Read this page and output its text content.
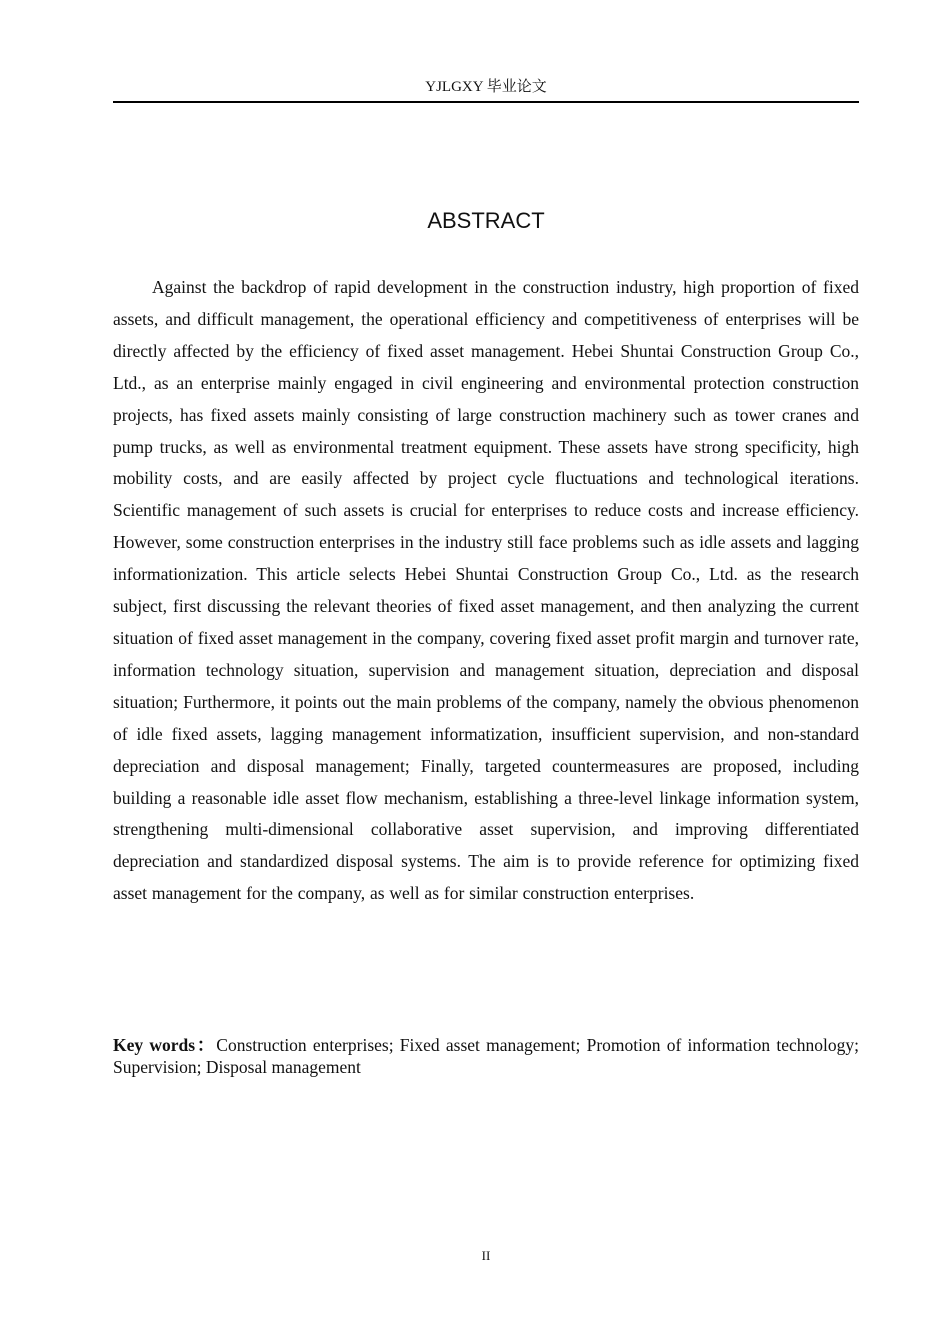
YJLGXY 毕业论文
ABSTRACT

Against the backdrop of rapid development in the construction industry, high proportion of fixed assets, and difficult management, the operational efficiency and competitiveness of enterprises will be directly affected by the efficiency of fixed asset management. Hebei Shuntai Construction Group Co., Ltd., as an enterprise mainly engaged in civil engineering and environmental protection construction projects, has fixed assets mainly consisting of large construction machinery such as tower cranes and pump trucks, as well as environmental treatment equipment. These assets have strong specificity, high mobility costs, and are easily affected by project cycle fluctuations and technological iterations. Scientific management of such assets is crucial for enterprises to reduce costs and increase efficiency. However, some construction enterprises in the industry still face problems such as idle assets and lagging informationization. This article selects Hebei Shuntai Construction Group Co., Ltd. as the research subject, first discussing the relevant theories of fixed asset management, and then analyzing the current situation of fixed asset management in the company, covering fixed asset profit margin and turnover rate, information technology situation, supervision and management situation, depreciation and disposal situation; Furthermore, it points out the main problems of the company, namely the obvious phenomenon of idle fixed assets, lagging management informatization, insufficient supervision, and non-standard depreciation and disposal management; Finally, targeted countermeasures are proposed, including building a reasonable idle asset flow mechanism, establishing a three-level linkage information system, strengthening multi-dimensional collaborative asset supervision, and improving differentiated depreciation and standardized disposal systems. The aim is to provide reference for optimizing fixed asset management for the company, as well as for similar construction enterprises.

Key words：Construction enterprises; Fixed asset management; Promotion of information technology; Supervision; Disposal management

II
